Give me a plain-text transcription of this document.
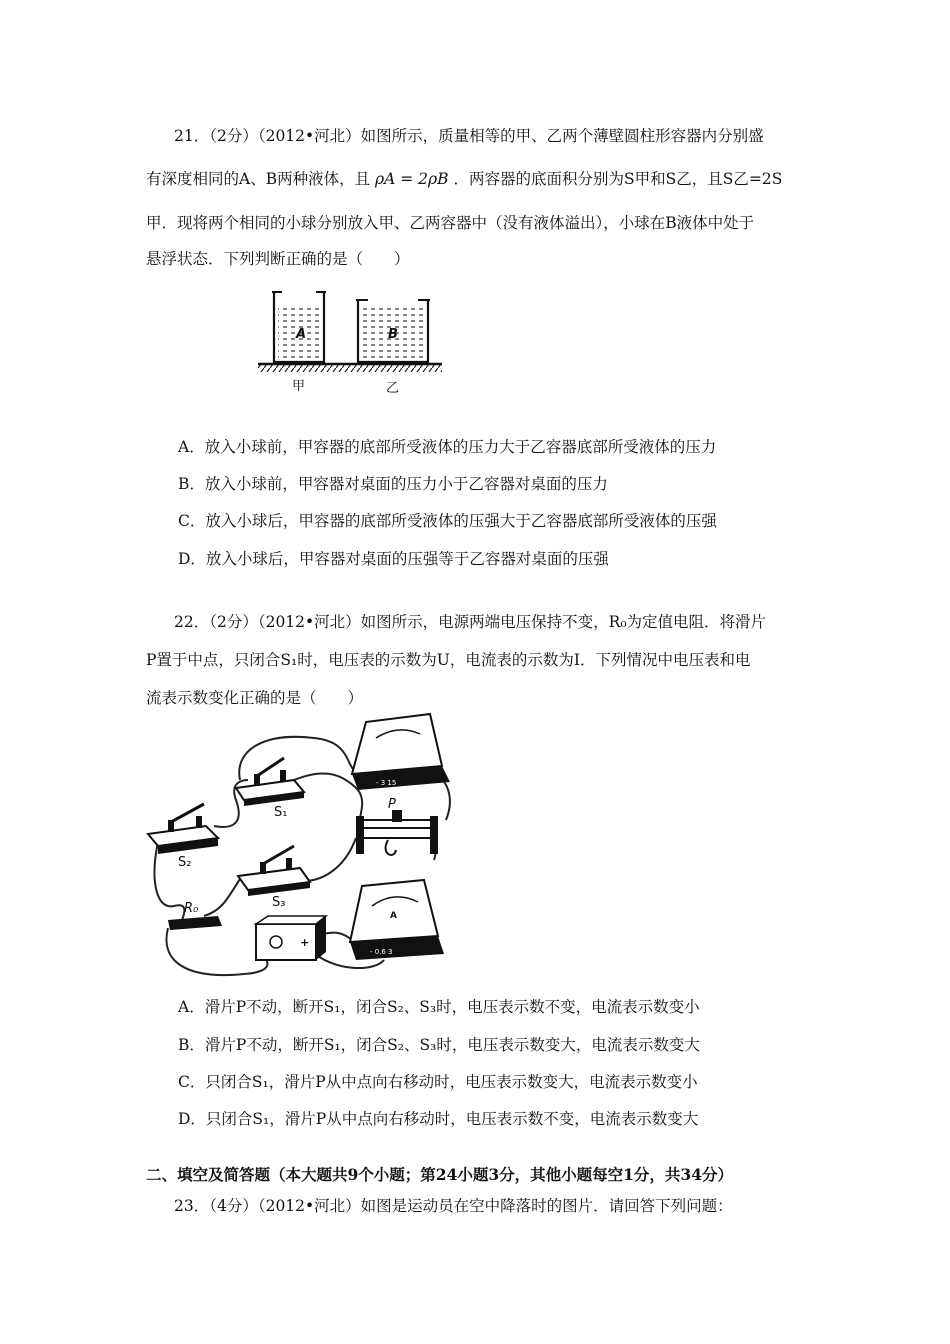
21．（2分）（2012•河北）如图所示，质量相等的甲、乙两个薄壁圆柱形容器内分别盛
有深度相同的A、B两种液体，且 ρA = 2ρB ．两容器的底面积分别为S甲和S乙，且S乙=2S
甲．现将两个相同的小球分别放入甲、乙两容器中（没有液体溢出），小球在B液体中处于
悬浮状态．下列判断正确的是（　　）
A	B
甲	乙
A．放入小球前，甲容器的底部所受液体的压力大于乙容器底部所受液体的压力
B．放入小球前，甲容器对桌面的压力小于乙容器对桌面的压力
C．放入小球后，甲容器的底部所受液体的压强大于乙容器底部所受液体的压强
D．放入小球后，甲容器对桌面的压强等于乙容器对桌面的压强
22．（2分）（2012•河北）如图所示，电源两端电压保持不变，R₀为定值电阻．将滑片
P置于中点，只闭合S₁时，电压表的示数为U，电流表的示数为I．下列情况中电压表和电
流表示数变化正确的是（　　）
- 3 15
A
- 0.6 3
+
S₁
S₂
S₃
R₀
P
A．滑片P不动，断开S₁，闭合S₂、S₃时，电压表示数不变，电流表示数变小
B．滑片P不动，断开S₁，闭合S₂、S₃时，电压表示数变大，电流表示数变大
C．只闭合S₁，滑片P从中点向右移动时，电压表示数变大，电流表示数变小
D．只闭合S₁，滑片P从中点向右移动时，电压表示数不变，电流表示数变大
二、填空及简答题（本大题共9个小题；第24小题3分，其他小题每空1分，共34分）
23．（4分）（2012•河北）如图是运动员在空中降落时的图片．请回答下列问题：
